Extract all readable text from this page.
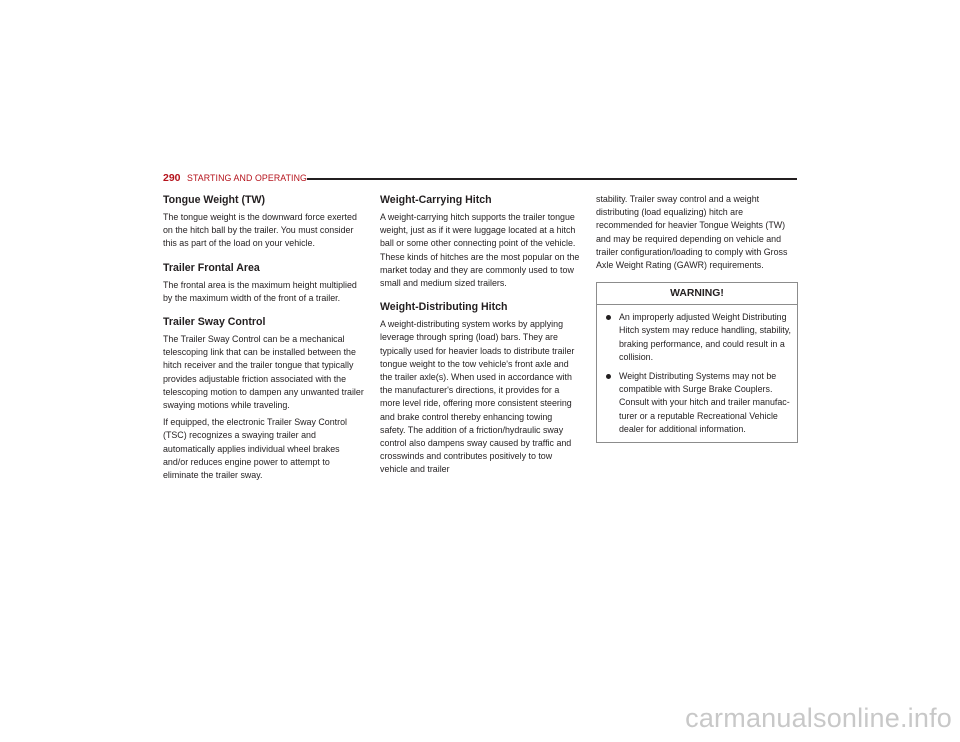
290 STARTING AND OPERATING
Tongue Weight (TW)

The tongue weight is the downward force exerted on the hitch ball by the trailer. You must consider this as part of the load on your vehicle.

Trailer Frontal Area

The frontal area is the maximum height multiplied by the maximum width of the front of a trailer.

Trailer Sway Control

The Trailer Sway Control can be a mechanical telescoping link that can be installed between the hitch receiver and the trailer tongue that typically provides adjustable friction associated with the telescoping motion to dampen any unwanted trailer swaying motions while traveling.

If equipped, the electronic Trailer Sway Control (TSC) recognizes a swaying trailer and automatically applies individual wheel brakes and/or reduces engine power to attempt to eliminate the trailer sway.

Weight-Carrying Hitch

A weight-carrying hitch supports the trailer tongue weight, just as if it were luggage located at a hitch ball or some other connecting point of the vehicle. These kinds of hitches are the most popular on the market today and they are commonly used to tow small and medium sized trailers.

Weight-Distributing Hitch

A weight-distributing system works by applying leverage through spring (load) bars. They are typically used for heavier loads to distribute trailer tongue weight to the tow vehicle's front axle and the trailer axle(s). When used in accordance with the manufacturer's directions, it provides for a more level ride, offering more consistent steering and brake control thereby enhancing towing safety. The addition of a friction/hydraulic sway control also dampens sway caused by traffic and crosswinds and contributes positively to tow vehicle and trailer

stability. Trailer sway control and a weight distributing (load equalizing) hitch are recommended for heavier Tongue Weights (TW) and may be required depending on vehicle and trailer configuration/loading to comply with Gross Axle Weight Rating (GAWR) requirements.

WARNING!
An improperly adjusted Weight Distributing Hitch system may reduce handling, stability, braking performance, and could result in a collision.
Weight Distributing Systems may not be compatible with Surge Brake Couplers. Consult with your hitch and trailer manufac-turer or a reputable Recreational Vehicle dealer for additional information.
carmanualsonline.info
